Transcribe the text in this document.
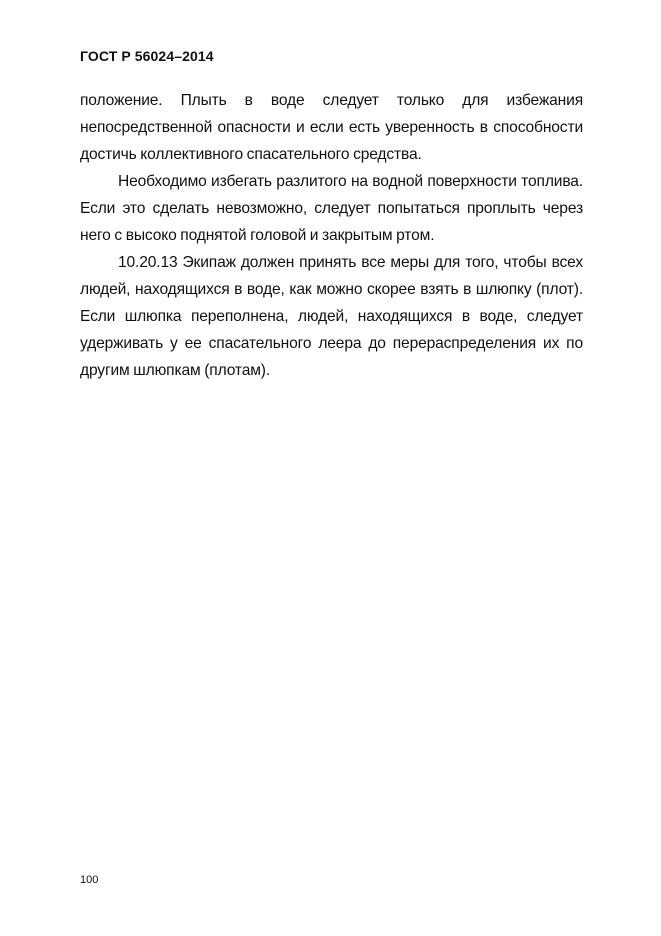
ГОСТ Р 56024–2014

положение. Плыть в воде следует только для избежания непосредственной опасности и если есть уверенность в способности достичь коллективного спасательного средства.

Необходимо избегать разлитого на водной поверхности топлива. Если это сделать невозможно, следует попытаться проплыть через него с высоко поднятой головой и закрытым ртом.

10.20.13 Экипаж должен принять все меры для того, чтобы всех людей, находящихся в воде, как можно скорее взять в шлюпку (плот). Если шлюпка переполнена, людей, находящихся в воде, следует удерживать у ее спасательного леера до перераспределения их по другим шлюпкам (плотам).

100
